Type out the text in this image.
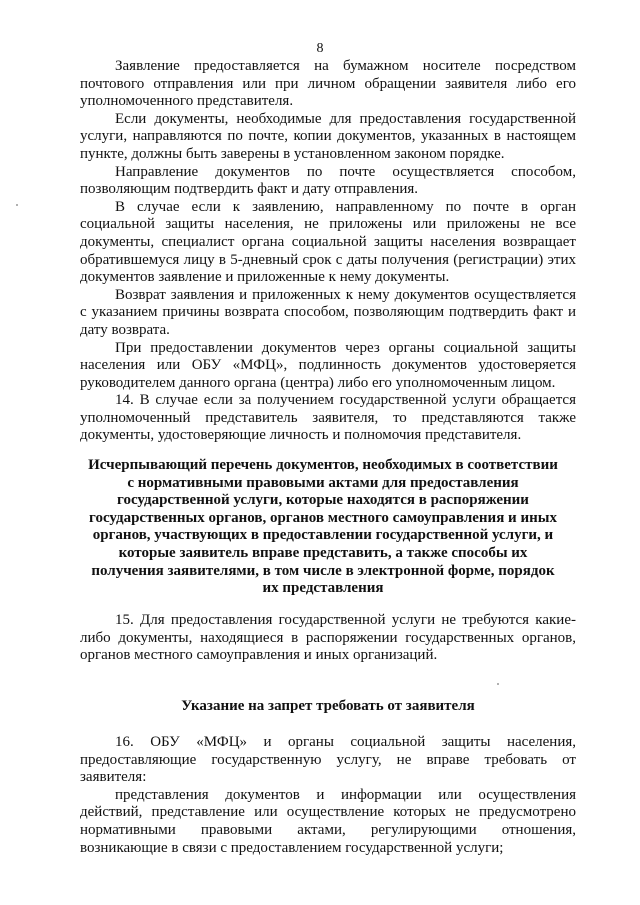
8

Заявление предоставляется на бумажном носителе посредством почтового отправления или при личном обращении заявителя либо его уполномоченного представителя.

Если документы, необходимые для предоставления государственной услуги, направляются по почте, копии документов, указанных в настоящем пункте, должны быть заверены в установленном законом порядке.

Направление документов по почте осуществляется способом, позволяющим подтвердить факт и дату отправления.

В случае если к заявлению, направленному по почте в орган социальной защиты населения, не приложены или приложены не все документы, специалист органа социальной защиты населения возвращает обратившемуся лицу в 5-дневный срок с даты получения (регистрации) этих документов заявление и приложенные к нему документы.

Возврат заявления и приложенных к нему документов осуществляется с указанием причины возврата способом, позволяющим подтвердить факт и дату возврата.

При предоставлении документов через органы социальной защиты населения или ОБУ «МФЦ», подлинность документов удостоверяется руководителем данного органа (центра) либо его уполномоченным лицом.

14. В случае если за получением государственной услуги обращается уполномоченный представитель заявителя, то представляются также документы, удостоверяющие личность и полномочия представителя.

Исчерпывающий перечень документов, необходимых в соответствии с нормативными правовыми актами для предоставления государственной услуги, которые находятся в распоряжении государственных органов, органов местного самоуправления и иных органов, участвующих в предоставлении государственной услуги, и которые заявитель вправе представить, а также способы их получения заявителями, в том числе в электронной форме, порядок их представления

15. Для предоставления государственной услуги не требуются какие-либо документы, находящиеся в распоряжении государственных органов, органов местного самоуправления и иных организаций.

Указание на запрет требовать от заявителя

16. ОБУ «МФЦ» и органы социальной защиты населения, предоставляющие государственную услугу, не вправе требовать от заявителя:

представления документов и информации или осуществления действий, представление или осуществление которых не предусмотрено нормативными правовыми актами, регулирующими отношения, возникающие в связи с предоставлением государственной услуги;
